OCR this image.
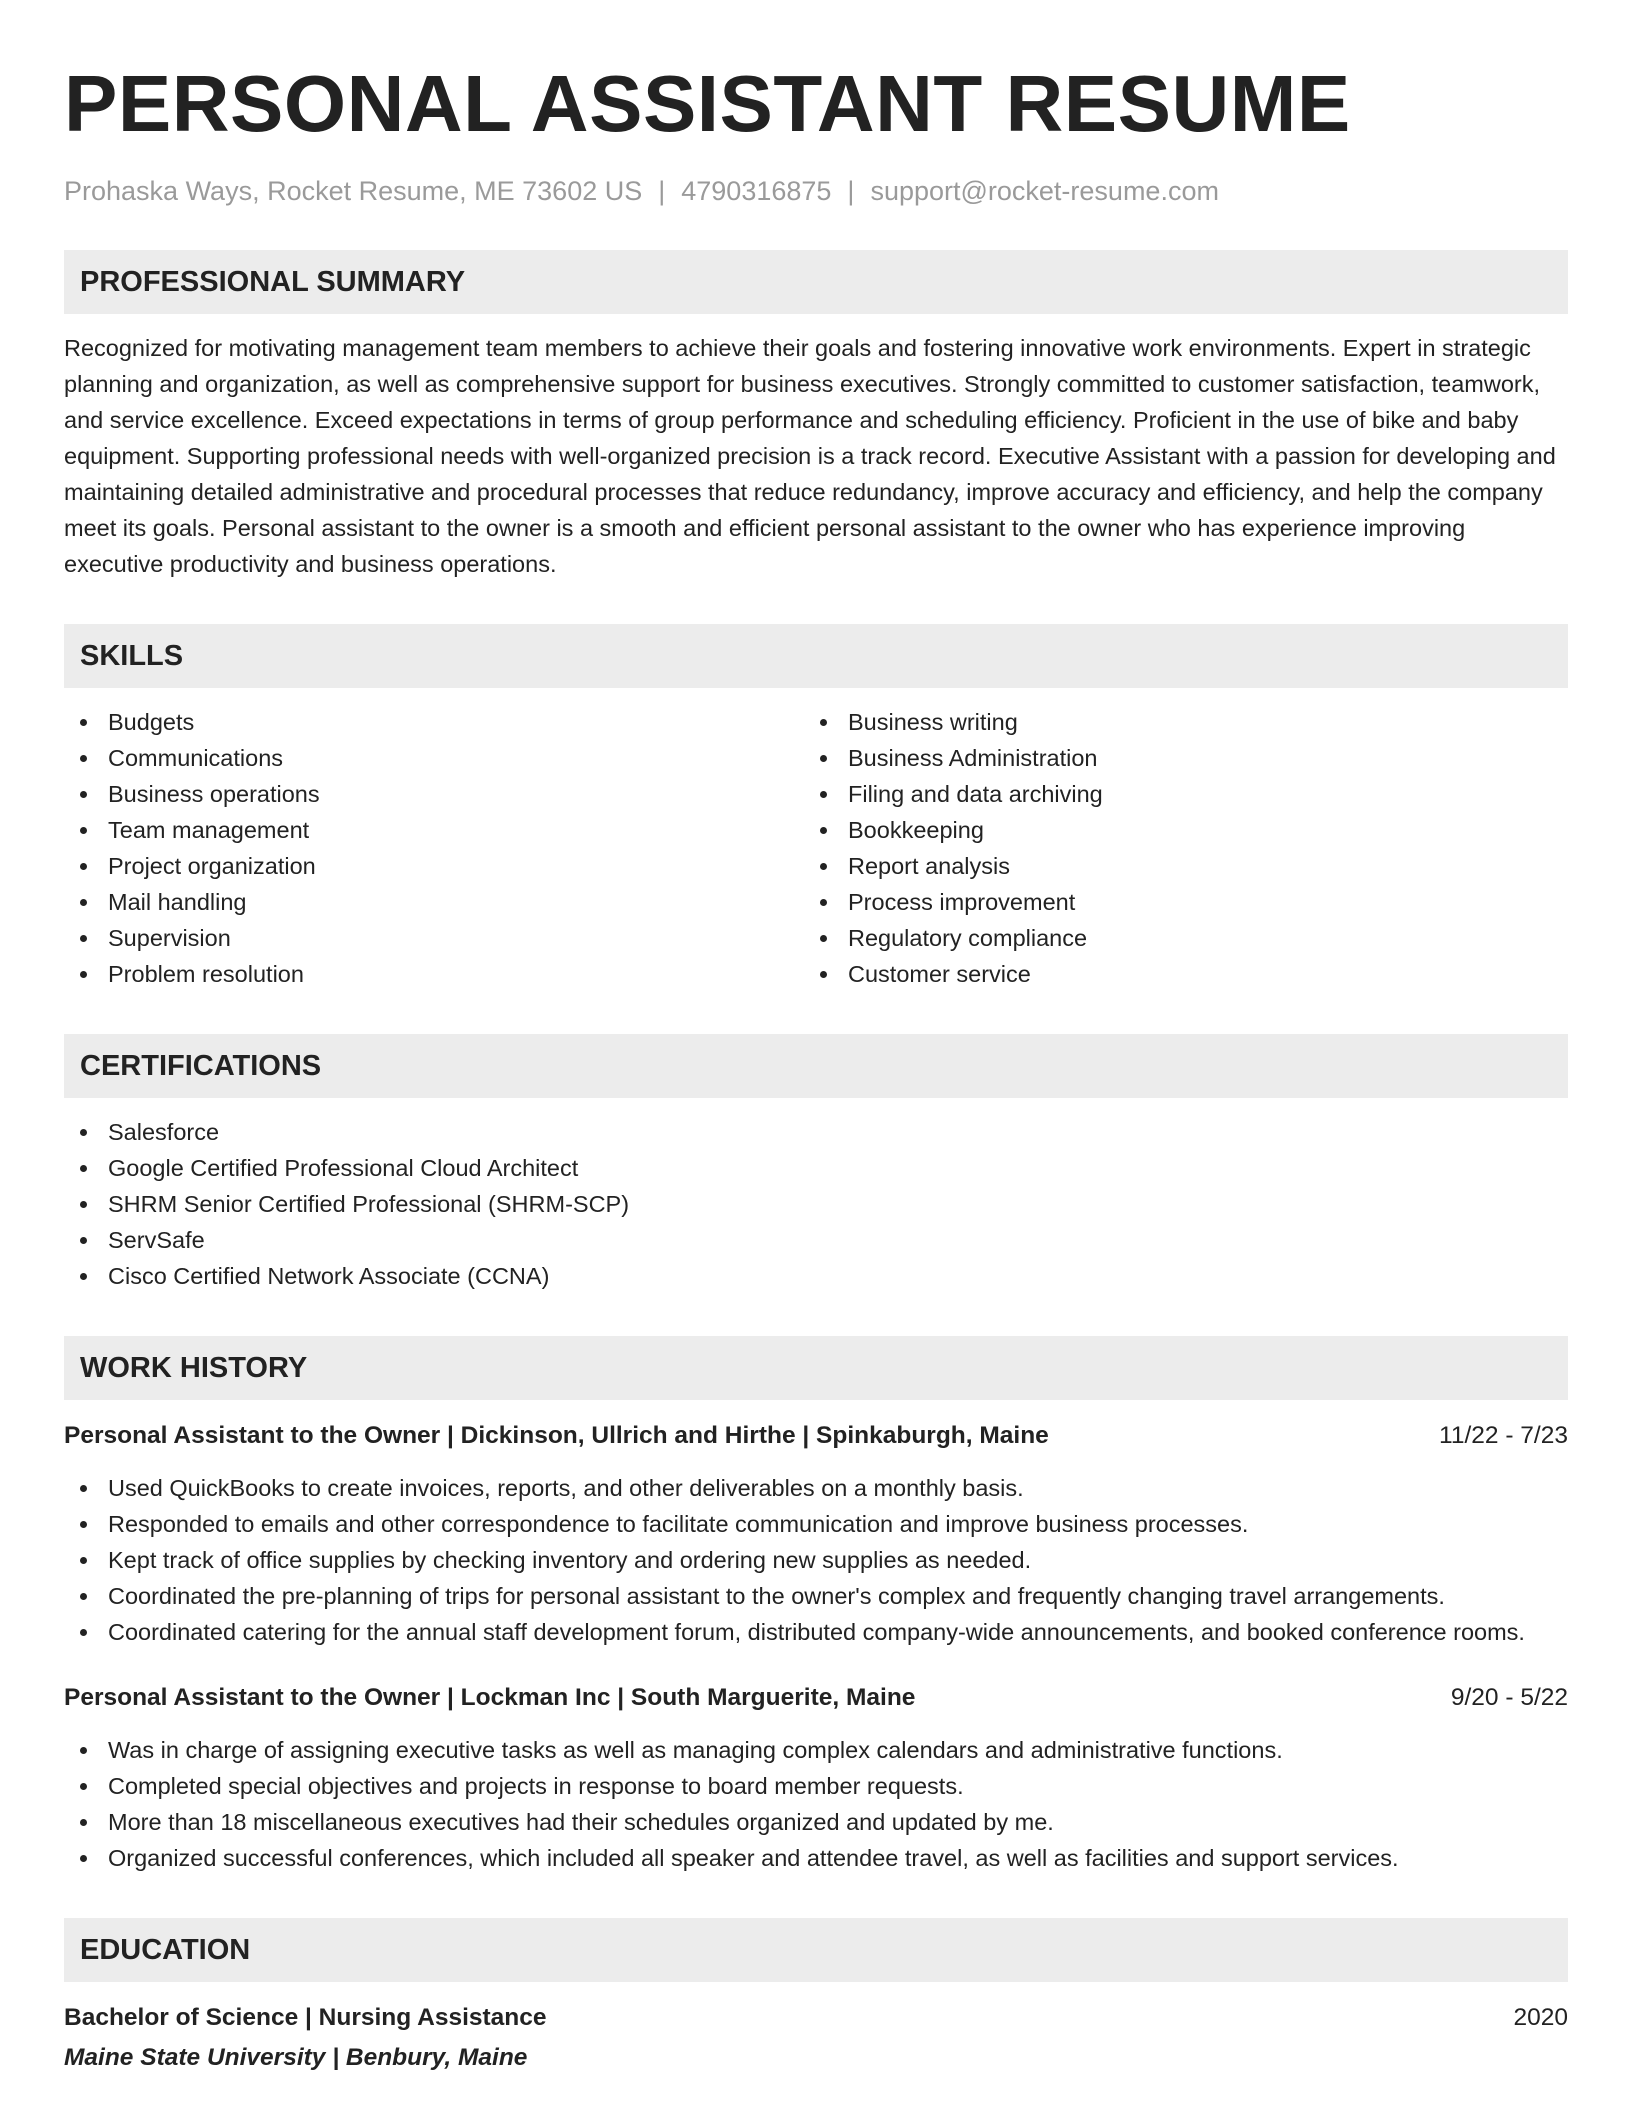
PERSONAL ASSISTANT RESUME
Prohaska Ways, Rocket Resume, ME 73602 US | 4790316875 | support@rocket-resume.com
PROFESSIONAL SUMMARY
Recognized for motivating management team members to achieve their goals and fostering innovative work environments. Expert in strategic planning and organization, as well as comprehensive support for business executives. Strongly committed to customer satisfaction, teamwork, and service excellence. Exceed expectations in terms of group performance and scheduling efficiency. Proficient in the use of bike and baby equipment. Supporting professional needs with well-organized precision is a track record. Executive Assistant with a passion for developing and maintaining detailed administrative and procedural processes that reduce redundancy, improve accuracy and efficiency, and help the company meet its goals. Personal assistant to the owner is a smooth and efficient personal assistant to the owner who has experience improving executive productivity and business operations.
SKILLS
Budgets
Communications
Business operations
Team management
Project organization
Mail handling
Supervision
Problem resolution
Business writing
Business Administration
Filing and data archiving
Bookkeeping
Report analysis
Process improvement
Regulatory compliance
Customer service
CERTIFICATIONS
Salesforce
Google Certified Professional Cloud Architect
SHRM Senior Certified Professional (SHRM-SCP)
ServSafe
Cisco Certified Network Associate (CCNA)
WORK HISTORY
Personal Assistant to the Owner | Dickinson, Ullrich and Hirthe | Spinkaburgh, Maine	11/22 - 7/23
Used QuickBooks to create invoices, reports, and other deliverables on a monthly basis.
Responded to emails and other correspondence to facilitate communication and improve business processes.
Kept track of office supplies by checking inventory and ordering new supplies as needed.
Coordinated the pre-planning of trips for personal assistant to the owner's complex and frequently changing travel arrangements.
Coordinated catering for the annual staff development forum, distributed company-wide announcements, and booked conference rooms.
Personal Assistant to the Owner | Lockman Inc | South Marguerite, Maine	9/20 - 5/22
Was in charge of assigning executive tasks as well as managing complex calendars and administrative functions.
Completed special objectives and projects in response to board member requests.
More than 18 miscellaneous executives had their schedules organized and updated by me.
Organized successful conferences, which included all speaker and attendee travel, as well as facilities and support services.
EDUCATION
Bachelor of Science | Nursing Assistance	2020
Maine State University | Benbury, Maine
